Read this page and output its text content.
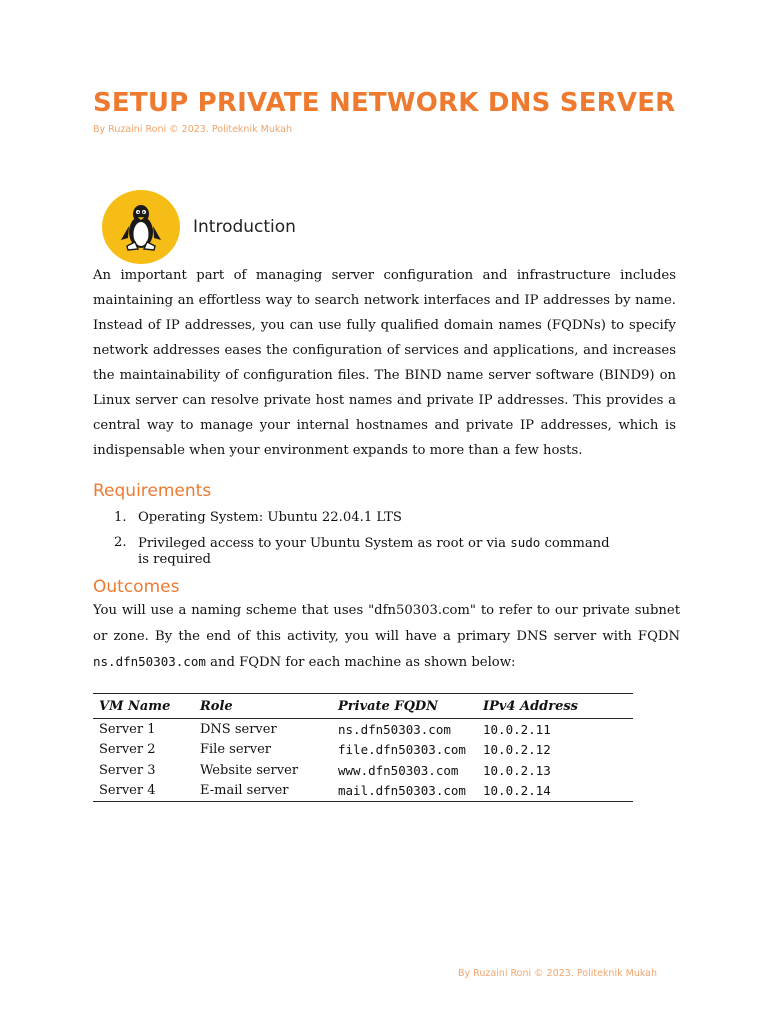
SETUP PRIVATE NETWORK DNS SERVER
By Ruzaini Roni © 2023. Politeknik Mukah
Introduction

An important part of managing server configuration and infrastructure includes maintaining an effortless way to search network interfaces and IP addresses by name. Instead of IP addresses, you can use fully qualified domain names (FQDNs) to specify network addresses eases the configuration of services and applications, and increases the maintainability of configuration files. The BIND name server software (BIND9) on Linux server can resolve private host names and private IP addresses. This provides a central way to manage your internal hostnames and private IP addresses, which is indispensable when your environment expands to more than a few hosts.

Requirements
1. Operating System: Ubuntu 22.04.1 LTS
2. Privileged access to your Ubuntu System as root or via sudo command is required
Outcomes

You will use a naming scheme that uses "dfn50303.com" to refer to our private subnet or zone. By the end of this activity, you will have a primary DNS server with FQDN ns.dfn50303.com and FQDN for each machine as shown below:

VM Name	Role	Private FQDN	IPv4 Address
Server 1	DNS server	ns.dfn50303.com	10.0.2.11
Server 2	File server	file.dfn50303.com	10.0.2.12
Server 3	Website server	www.dfn50303.com	10.0.2.13
Server 4	E-mail server	mail.dfn50303.com	10.0.2.14
By Ruzaini Roni © 2023. Politeknik Mukah
